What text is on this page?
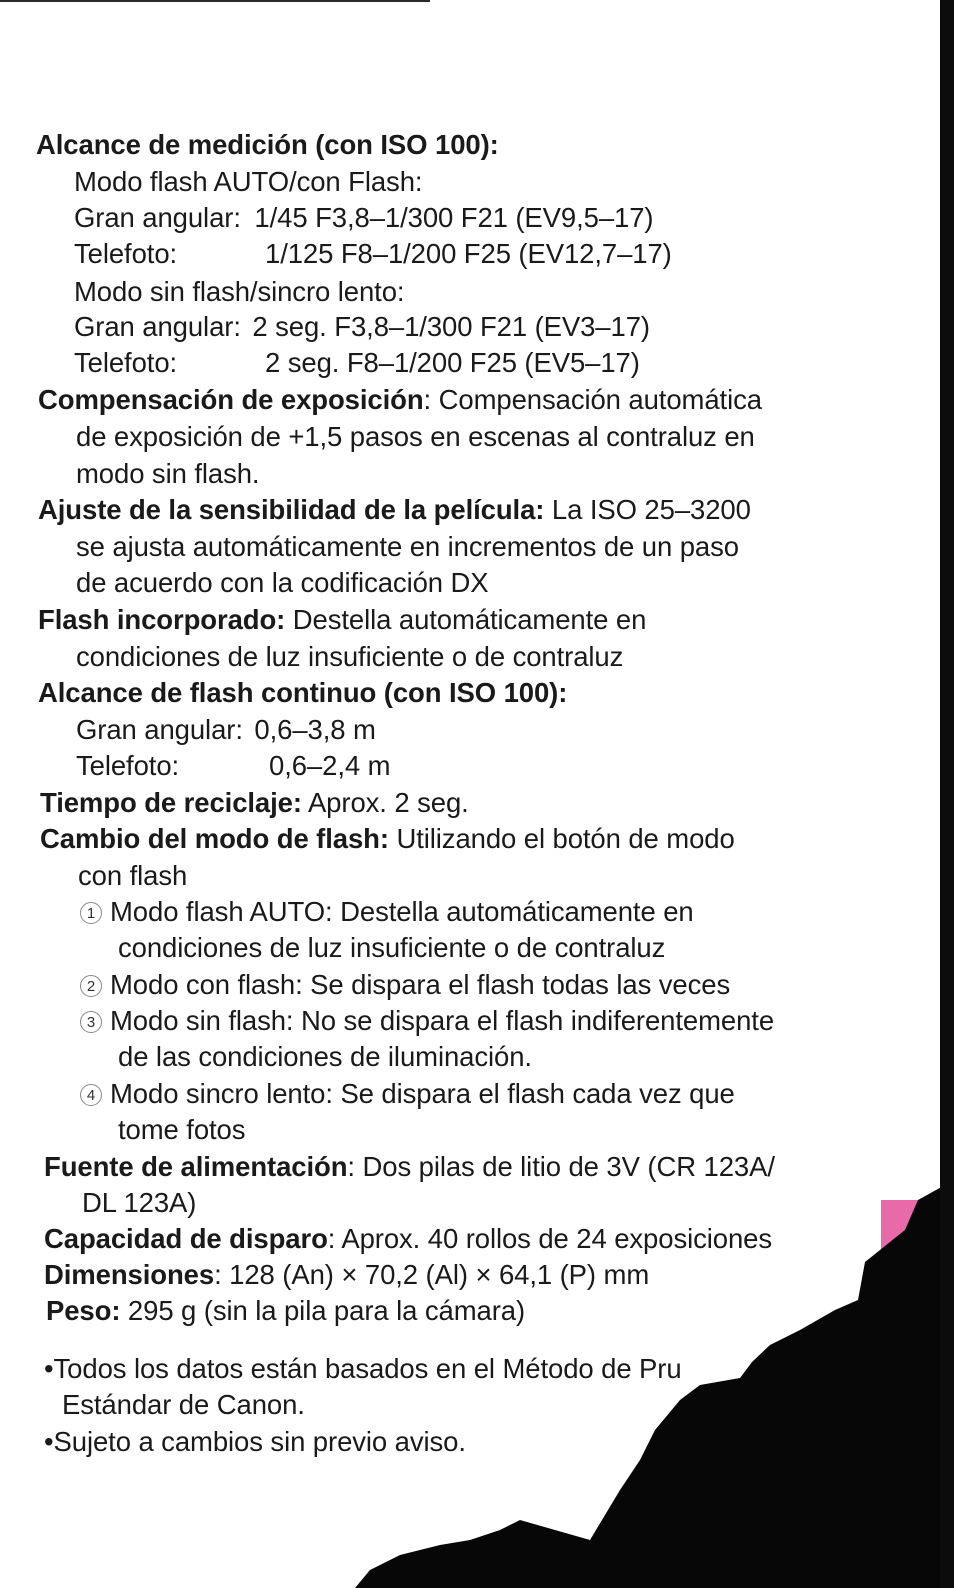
Alcance de medición (con ISO 100):
Modo flash AUTO/con Flash:
Gran angular: 1/45 F3,8–1/300 F21 (EV9,5–17)
Telefoto:	1/125 F8–1/200 F25 (EV12,7–17)
Modo sin flash/sincro lento:
Gran angular: 2 seg. F3,8–1/300 F21 (EV3–17)
Telefoto:	2 seg. F8–1/200 F25 (EV5–17)
Compensación de exposición: Compensación automática
de exposición de +1,5 pasos en escenas al contraluz en
modo sin flash.
Ajuste de la sensibilidad de la película: La ISO 25–3200
se ajusta automáticamente en incrementos de un paso
de acuerdo con la codificación DX
Flash incorporado: Destella automáticamente en
condiciones de luz insuficiente o de contraluz
Alcance de flash continuo (con ISO 100):
Gran angular: 0,6–3,8 m
Telefoto:	0,6–2,4 m
Tiempo de reciclaje: Aprox. 2 seg.
Cambio del modo de flash: Utilizando el botón de modo
con flash
1 Modo flash AUTO: Destella automáticamente en
condiciones de luz insuficiente o de contraluz
2 Modo con flash: Se dispara el flash todas las veces
3 Modo sin flash: No se dispara el flash indiferentemente
de las condiciones de iluminación.
4 Modo sincro lento: Se dispara el flash cada vez que
tome fotos
Fuente de alimentación: Dos pilas de litio de 3V (CR 123A/
DL 123A)
Capacidad de disparo: Aprox. 40 rollos de 24 exposiciones
Dimensiones: 128 (An) × 70,2 (Al) × 64,1 (P) mm
Peso: 295 g (sin la pila para la cámara)
•Todos los datos están basados en el Método de Pru
Estándar de Canon.
•Sujeto a cambios sin previo aviso.
